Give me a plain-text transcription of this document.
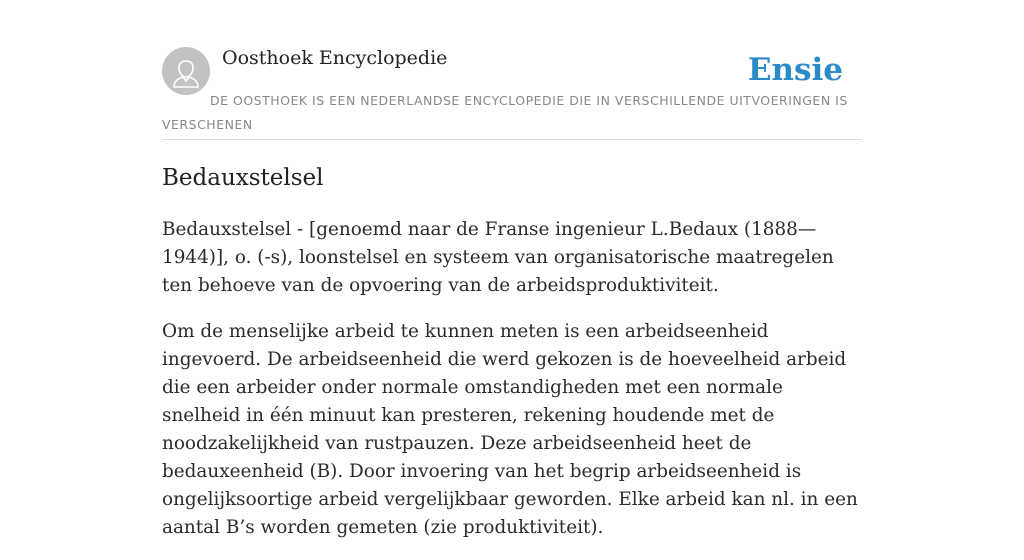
Oosthoek Encyclopedie	Ensie
DE OOSTHOEK IS EEN NEDERLANDSE ENCYCLOPEDIE DIE IN VERSCHILLENDE UITVOERINGEN IS VERSCHENEN
Bedauxstelsel

Bedauxstelsel - [genoemd naar de Franse ingenieur L.Bedaux (1888—1944)], o. (-s), loonstelsel en systeem van organisatorische maatregelen ten behoeve van de opvoering van de arbeidsproduktiviteit.

Om de menselijke arbeid te kunnen meten is een arbeidseenheid ingevoerd. De arbeidseenheid die werd gekozen is de hoeveelheid arbeid die een arbeider onder normale omstandigheden met een normale snelheid in één minuut kan presteren, rekening houdende met de noodzakelijkheid van rustpauzen. Deze arbeidseenheid heet de bedauxeenheid (B). Door invoering van het begrip arbeidseenheid is ongelijksoortige arbeid vergelijkbaar geworden. Elke arbeid kan nl. in een aantal B’s worden gemeten (zie produktiviteit).
